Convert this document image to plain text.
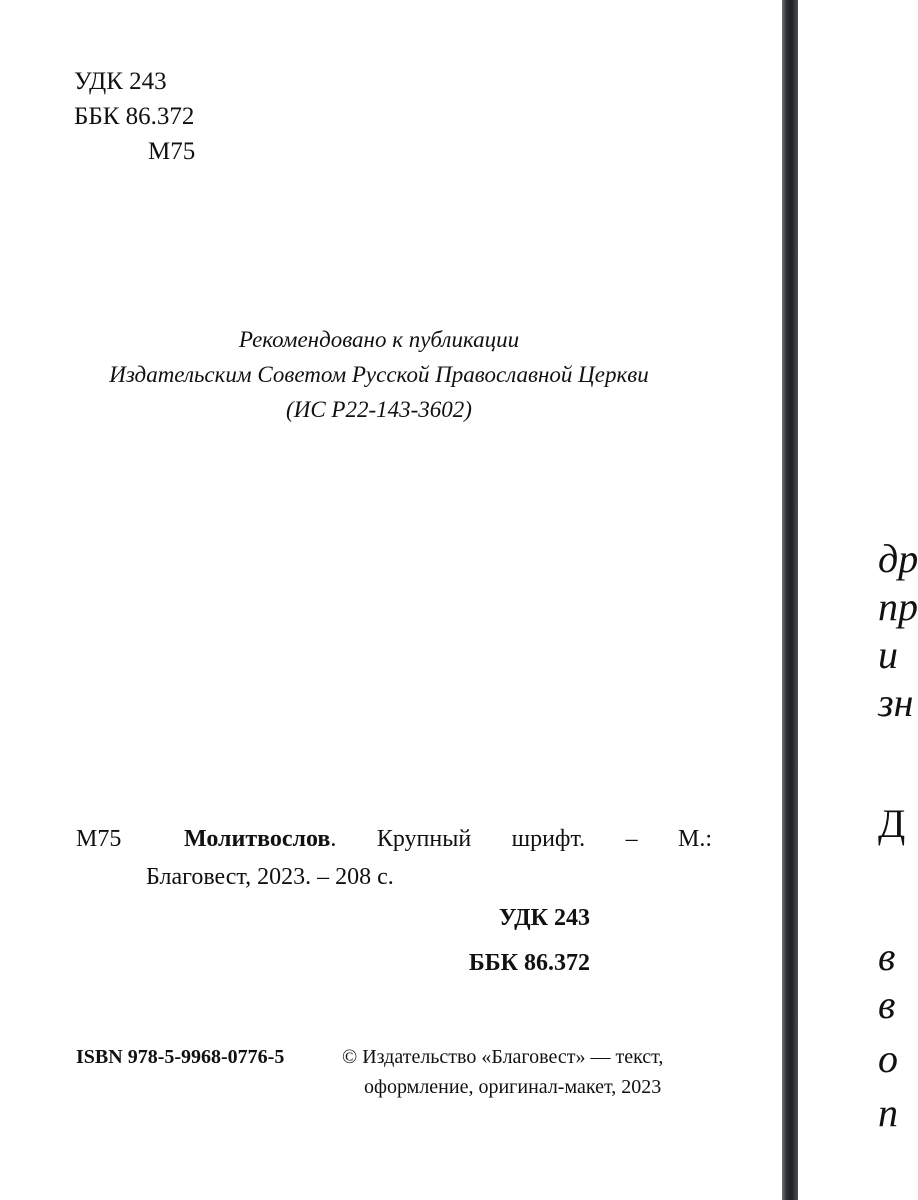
УДК 243
ББК 86.372
М75
Рекомендовано к публикации
Издательским Советом Русской Православной Церкви
(ИС Р22-143-3602)
М75	Молитвослов. Крупный шрифт. – М.:
Благовест, 2023. – 208 с.
УДК 243
ББК 86.372
ISBN 978-5-9968-0776-5	© Издательство «Благовест» — текст,
оформление, оригинал-макет, 2023
др
пр
и
зн
Д
в
в
о
п
